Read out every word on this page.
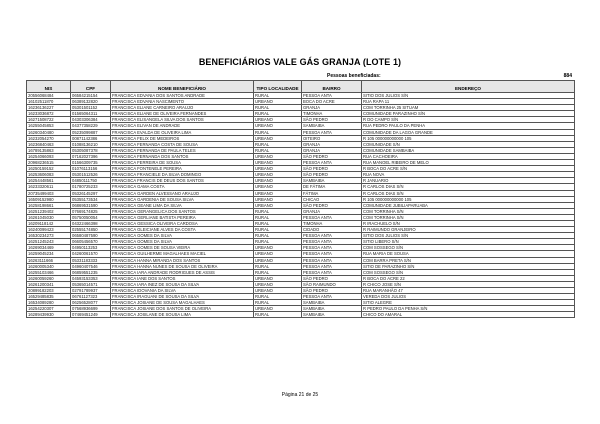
BENEFICIÁRIOS VALE GÁS GRANJA (LOTE 1)
Pessoas beneficiadas:	884
NIS	CPF	NOME BENEFICIÁRIO	TIPO LOCALIDADE	BAIRRO	ENDEREÇO
20556068484	06584215154	FRANCISCA EDVANIA DOS SANTOS ANDRADE	RURAL	PESSOA ANTA	SITIO DOS JULIOS S/N
16102511870	06389132820	FRANCISCA EDVANIA NASCIMENTO	URBANO	BOCA DO ACRE	RUA RAPA 11
16236136227	05301501152	FRANCISCA ELIANE CARNEIRO ARAUJO	RURAL	GRANJA	COM TORRINHA 25 SITUAM
16233036872	01565064311	FRANCISCA ELIANE DE OLIVEIRA FERNANDES	RURAL	TIMONHA	COMUNIDADE PARAZINHO S/N
16271508722	04303306384	FRANCISCA ELISANGELA SILVA DOS SANTOS	URBANO	SÃO PEDRO	R DO CAMPO S/N
16255045853	04377358229	FRANCISCA ELIVAN DE ANDRADE	URBANO	SAMBAIBA	RUA PEDRO PAULO DA PENHA
16260340480	05235099887	FRANCISCA EVALDA DE OLIVEIRA LIMA	RURAL	PESSOA ANTA	COMUNIDADE DA LAGOA GRANDE
16232054270	00871142386	FRANCISCA FELIX DE MEDEIROS	URBANO	OITEIRO	R 105 000000000000 105
16236840463	01088136210	FRANCISCA FERNANDA COSTA DE SOUSA	RURAL	GRANJA	COMUNIDADE S/N
16789135863	05305087378	FRANCISCA FERNANDA DE PAULA TELES	RURAL	GRANJA	COMUNIDADE SAMBAIBA
16254066093	07162027396	FRANCISCA FERNANDA DOS SANTOS	URBANO	SÃO PEDRO	RUA CACHOEIRA
20968236515	01566309735	FRANCISCA FERREIRA DE SOUSA	URBANO	PESSOA ANTA	RUA MANOEL RIBEIRO DE MELO
16250159152	01076113156	FRANCISCA FONTENELE PEREIRA	URBANO	SÃO PEDRO	R BOCA DO ACRE S/N
16253606083	05301512526	FRANCISCA FRANCIELE DA SILVA DOMINGO	URBANO	SÃO PEDRO	RUA NOVA
16254448561	04850111750	FRANCISCA FRANCIS DE DEUS DOS SANTOS	URBANO	SAMBAIBA	R JANUARIO
16233320611	01780725233	FRANCISCA GAMA COSTA	URBANO	DE FÁTIMA	R CARLOS DIAS S/N
20735499403	05326145297	FRANCISCA GARDEN ALVESSANO ARAUJO	URBANO	FÁTIMA	R CARLOS DIAS S/N
16509152980	05355173534	FRANCISCA GARDENIA DE SOUSA SILVA	URBANO	CHICAO	R 105 000000000000 105
16258198661	06869531590	FRANCISCA GEANE LIMA DA SILVA	URBANO	SÃO PEDRO	COMUNIDADE JUBILIAPARUABA
16251239402	07669174825	FRANCISCA GERANGELICA DOS SANTOS	RURAL	GRANJA	COM TORRINHA S/N
16261045030	05750050054	FRANCISCA GERLIANE BATISTA PEREIRA	RURAL	PESSOA ANTA	COM TORRINHA S/N
16209118142	04322466398	FRANCISCA GESSICA OLIVEIRA CARDOSA	RURAL	TIMONHA	R IRACHUELO S/N
16240099423	02555174850	FRANCISCA GLEICIANE ALVES DA COSTA	RURAL	CIDADO	R RAIMUNDO GRANJEIRO
16530234273	06580487590	FRANCISCA GOMES DA SILVA	RURAL	PESSOA ANTA	SITIO DOS JULIOS S/N
16251245243	06605456570	FRANCISCA GOMES DA SILVA	RURAL	PESSOA ANTA	SITIO LIBERO S/N
16269034469	04950113253	FRANCISCA GOMES DE SOUSA VIEIRA	URBANO	PESSOA ANTA	COM SOSSEGO S/N
16259045234	04260061570	FRANCISCA GUILHERME MAGALHAES MACIEL	URBANO	PESSOA ANTA	RUA MARIA DE SOUSA
16263111666	05331183333	FRANCISCA HANNA MIRANDA DOS SANTOS	URBANO	PESSOA ANTA	COM BARRA PRETA S/N
16260005340	04960407546	FRANCISCA HANNA NUNES DE SOUSA DE OLIVEIRA	RURAL	PESSOA ANTA	SITIO DE PARAZINHO S/N
16255103466	06859551235	FRANCISCA IARA ANDRADE RODRIGUES DE ASSIS	RURAL	PESSOA ANTA	COM SOSSEGO S/N
16260059260	04593153353	FRANCISCA IANE DOS SANTOS	URBANO	SÃO PEDRO	R BOCA DO ACRE 22
16261200341	05365014571	FRANCISCA IARA INEZ DE SOUSA DA SILVA	URBANO	SÃO RAIMUNDO	R CHICO JOSE S/N
20899182203	02791789937	FRANCISCA IDOVANIA DA SILVA	URBANO	SÃO PEDRO	RUA MARANHÃO 47
16529485835	06761127323	FRANCISCA IRAGUANI DE SOUSA DA SILVA	RURAL	PESSOA ANTA	VEREDA DOS JULIOS
16534089280	06256528077	FRANCISCA JOSIANE DE SOUSA MAGALHAES	RURAL	SAMBAIBA	SITIO ALEGRE
16254220307	07568936699	FRANCISCA JOSIANE DOS SANTOS DE OLIVEIRA	URBANO	SAMBAIBA	R PEDRO PAULO DA PENHA S/N
16289439930	07469451249	FRANCISCA JOSILANE DE SOUSA LIMA	RURAL	SAMBAIBA	CHICO DO AMARAL
Página 21 de 25
